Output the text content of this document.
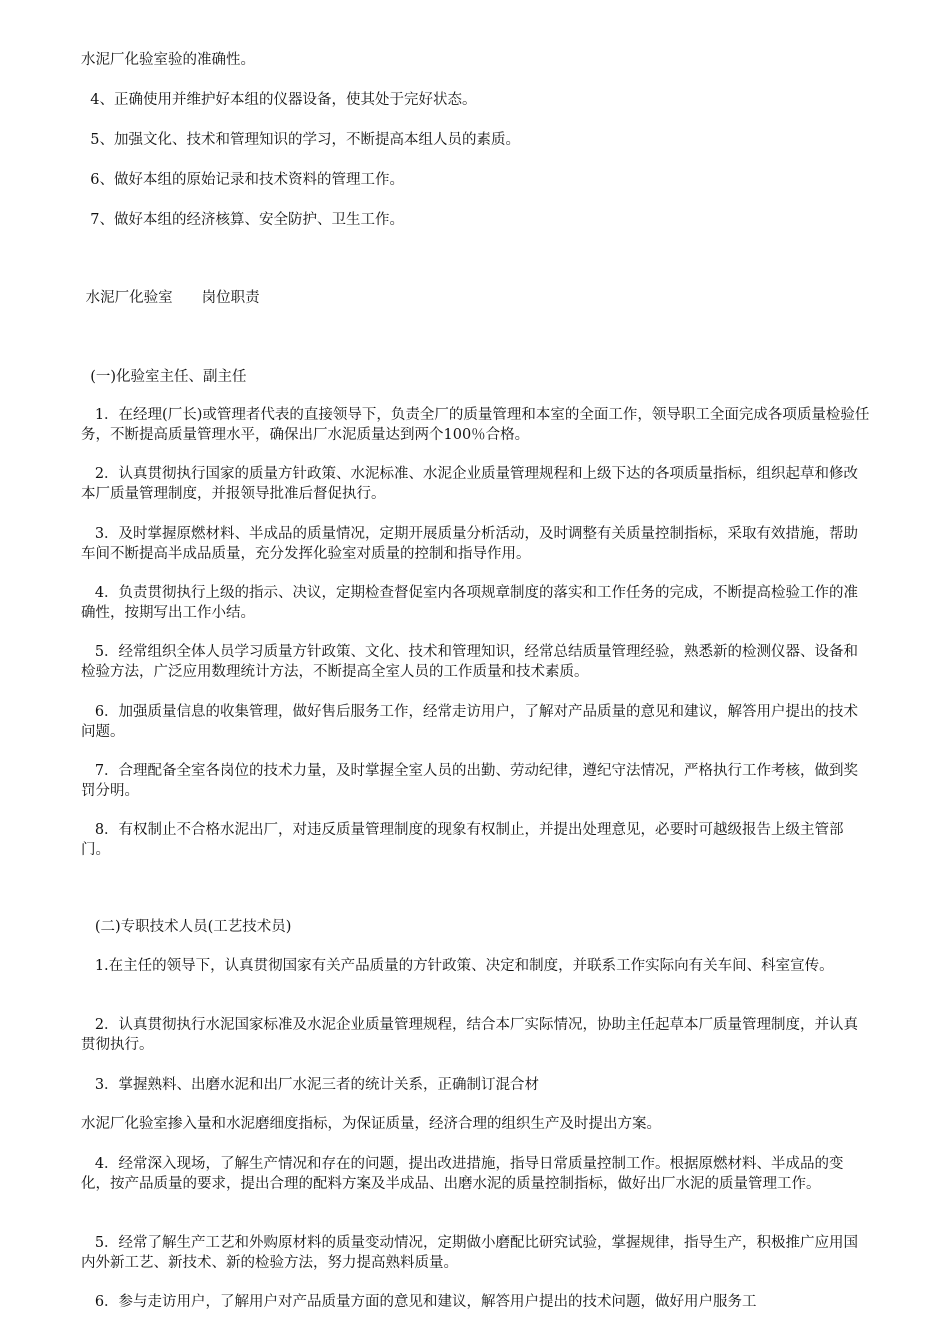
水泥厂化验室验的准确性。

4、正确使用并维护好本组的仪器设备，使其处于完好状态。

5、加强文化、技术和管理知识的学习，不断提高本组人员的素质。

6、做好本组的原始记录和技术资料的管理工作。

7、做好本组的经济核算、安全防护、卫生工作。

水泥厂化验室　　岗位职责

(一)化验室主任、副主任

1．在经理(厂长)或管理者代表的直接领导下，负责全厂的质量管理和本室的全面工作，领导职工全面完成各项质量检验任务，不断提高质量管理水平，确保出厂水泥质量达到两个100％合格。

2．认真贯彻执行国家的质量方针政策、水泥标准、水泥企业质量管理规程和上级下达的各项质量指标，组织起草和修改本厂质量管理制度，并报领导批准后督促执行。

3．及时掌握原燃材料、半成品的质量情况，定期开展质量分析活动，及时调整有关质量控制指标，采取有效措施，帮助车间不断提高半成品质量，充分发挥化验室对质量的控制和指导作用。

4．负责贯彻执行上级的指示、决议，定期检查督促室内各项规章制度的落实和工作任务的完成，不断提高检验工作的准确性，按期写出工作小结。

5．经常组织全体人员学习质量方针政策、文化、技术和管理知识，经常总结质量管理经验，熟悉新的检测仪器、设备和检验方法，广泛应用数理统计方法，不断提高全室人员的工作质量和技术素质。

6．加强质量信息的收集管理，做好售后服务工作，经常走访用户，了解对产品质量的意见和建议，解答用户提出的技术问题。

7．合理配备全室各岗位的技术力量，及时掌握全室人员的出勤、劳动纪律，遵纪守法情况，严格执行工作考核，做到奖罚分明。

8．有权制止不合格水泥出厂，对违反质量管理制度的现象有权制止，并提出处理意见，必要时可越级报告上级主管部门。

(二)专职技术人员(工艺技术员)

1.在主任的领导下，认真贯彻国家有关产品质量的方针政策、决定和制度，并联系工作实际向有关车间、科室宣传。

2．认真贯彻执行水泥国家标准及水泥企业质量管理规程，结合本厂实际情况，协助主任起草本厂质量管理制度，并认真贯彻执行。

3．掌握熟料、出磨水泥和出厂水泥三者的统计关系，正确制订混合材

水泥厂化验室掺入量和水泥磨细度指标，为保证质量，经济合理的组织生产及时提出方案。

4．经常深入现场，了解生产情况和存在的问题，提出改进措施，指导日常质量控制工作。根据原燃材料、半成品的变化，按产品质量的要求，提出合理的配料方案及半成品、出磨水泥的质量控制指标，做好出厂水泥的质量管理工作。

5．经常了解生产工艺和外购原材料的质量变动情况，定期做小磨配比研究试验，掌握规律，指导生产，积极推广应用国内外新工艺、新技术、新的检验方法，努力提高熟料质量。

6．参与走访用户，了解用户对产品质量方面的意见和建议，解答用户提出的技术问题，做好用户服务工
